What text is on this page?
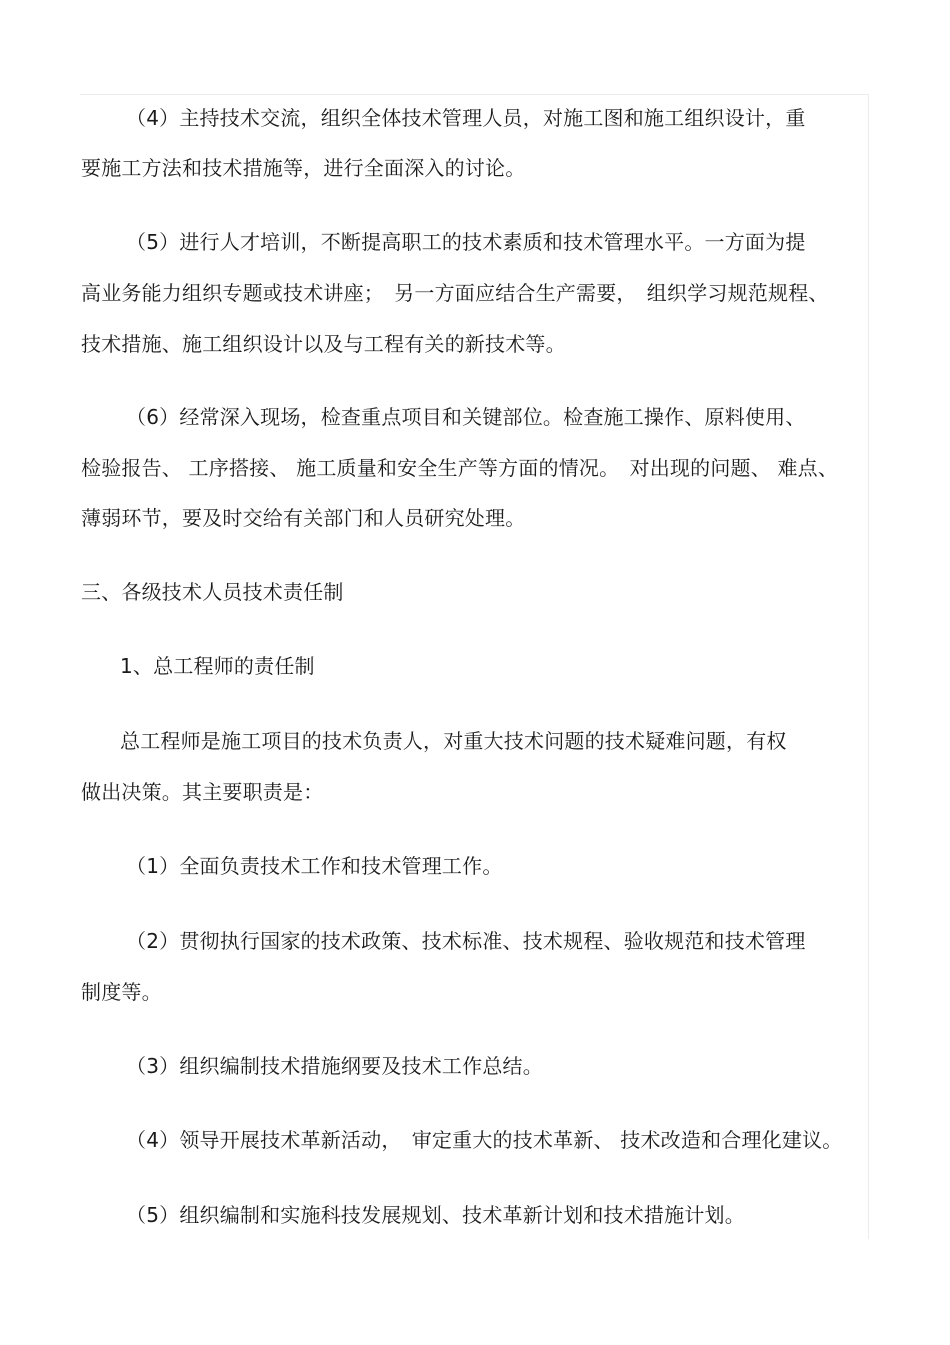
（4）主持技术交流，组织全体技术管理人员，对施工图和施工组织设计，重
要施工方法和技术措施等，进行全面深入的讨论。
（5）进行人才培训，不断提高职工的技术素质和技术管理水平。一方面为提
高业务能力组织专题或技术讲座；　另一方面应结合生产需要，　组织学习规范规程、
技术措施、施工组织设计以及与工程有关的新技术等。
（6）经常深入现场，检查重点项目和关键部位。检查施工操作、原料使用、
检验报告、 工序搭接、 施工质量和安全生产等方面的情况。　对出现的问题、 难点、
薄弱环节，要及时交给有关部门和人员研究处理。
三、各级技术人员技术责任制
1、总工程师的责任制
总工程师是施工项目的技术负责人，对重大技术问题的技术疑难问题，有权
做出决策。其主要职责是：
（1）全面负责技术工作和技术管理工作。
（2）贯彻执行国家的技术政策、技术标准、技术规程、验收规范和技术管理
制度等。
（3）组织编制技术措施纲要及技术工作总结。
（4）领导开展技术革新活动，　审定重大的技术革新、 技术改造和合理化建议。
（5）组织编制和实施科技发展规划、技术革新计划和技术措施计划。
